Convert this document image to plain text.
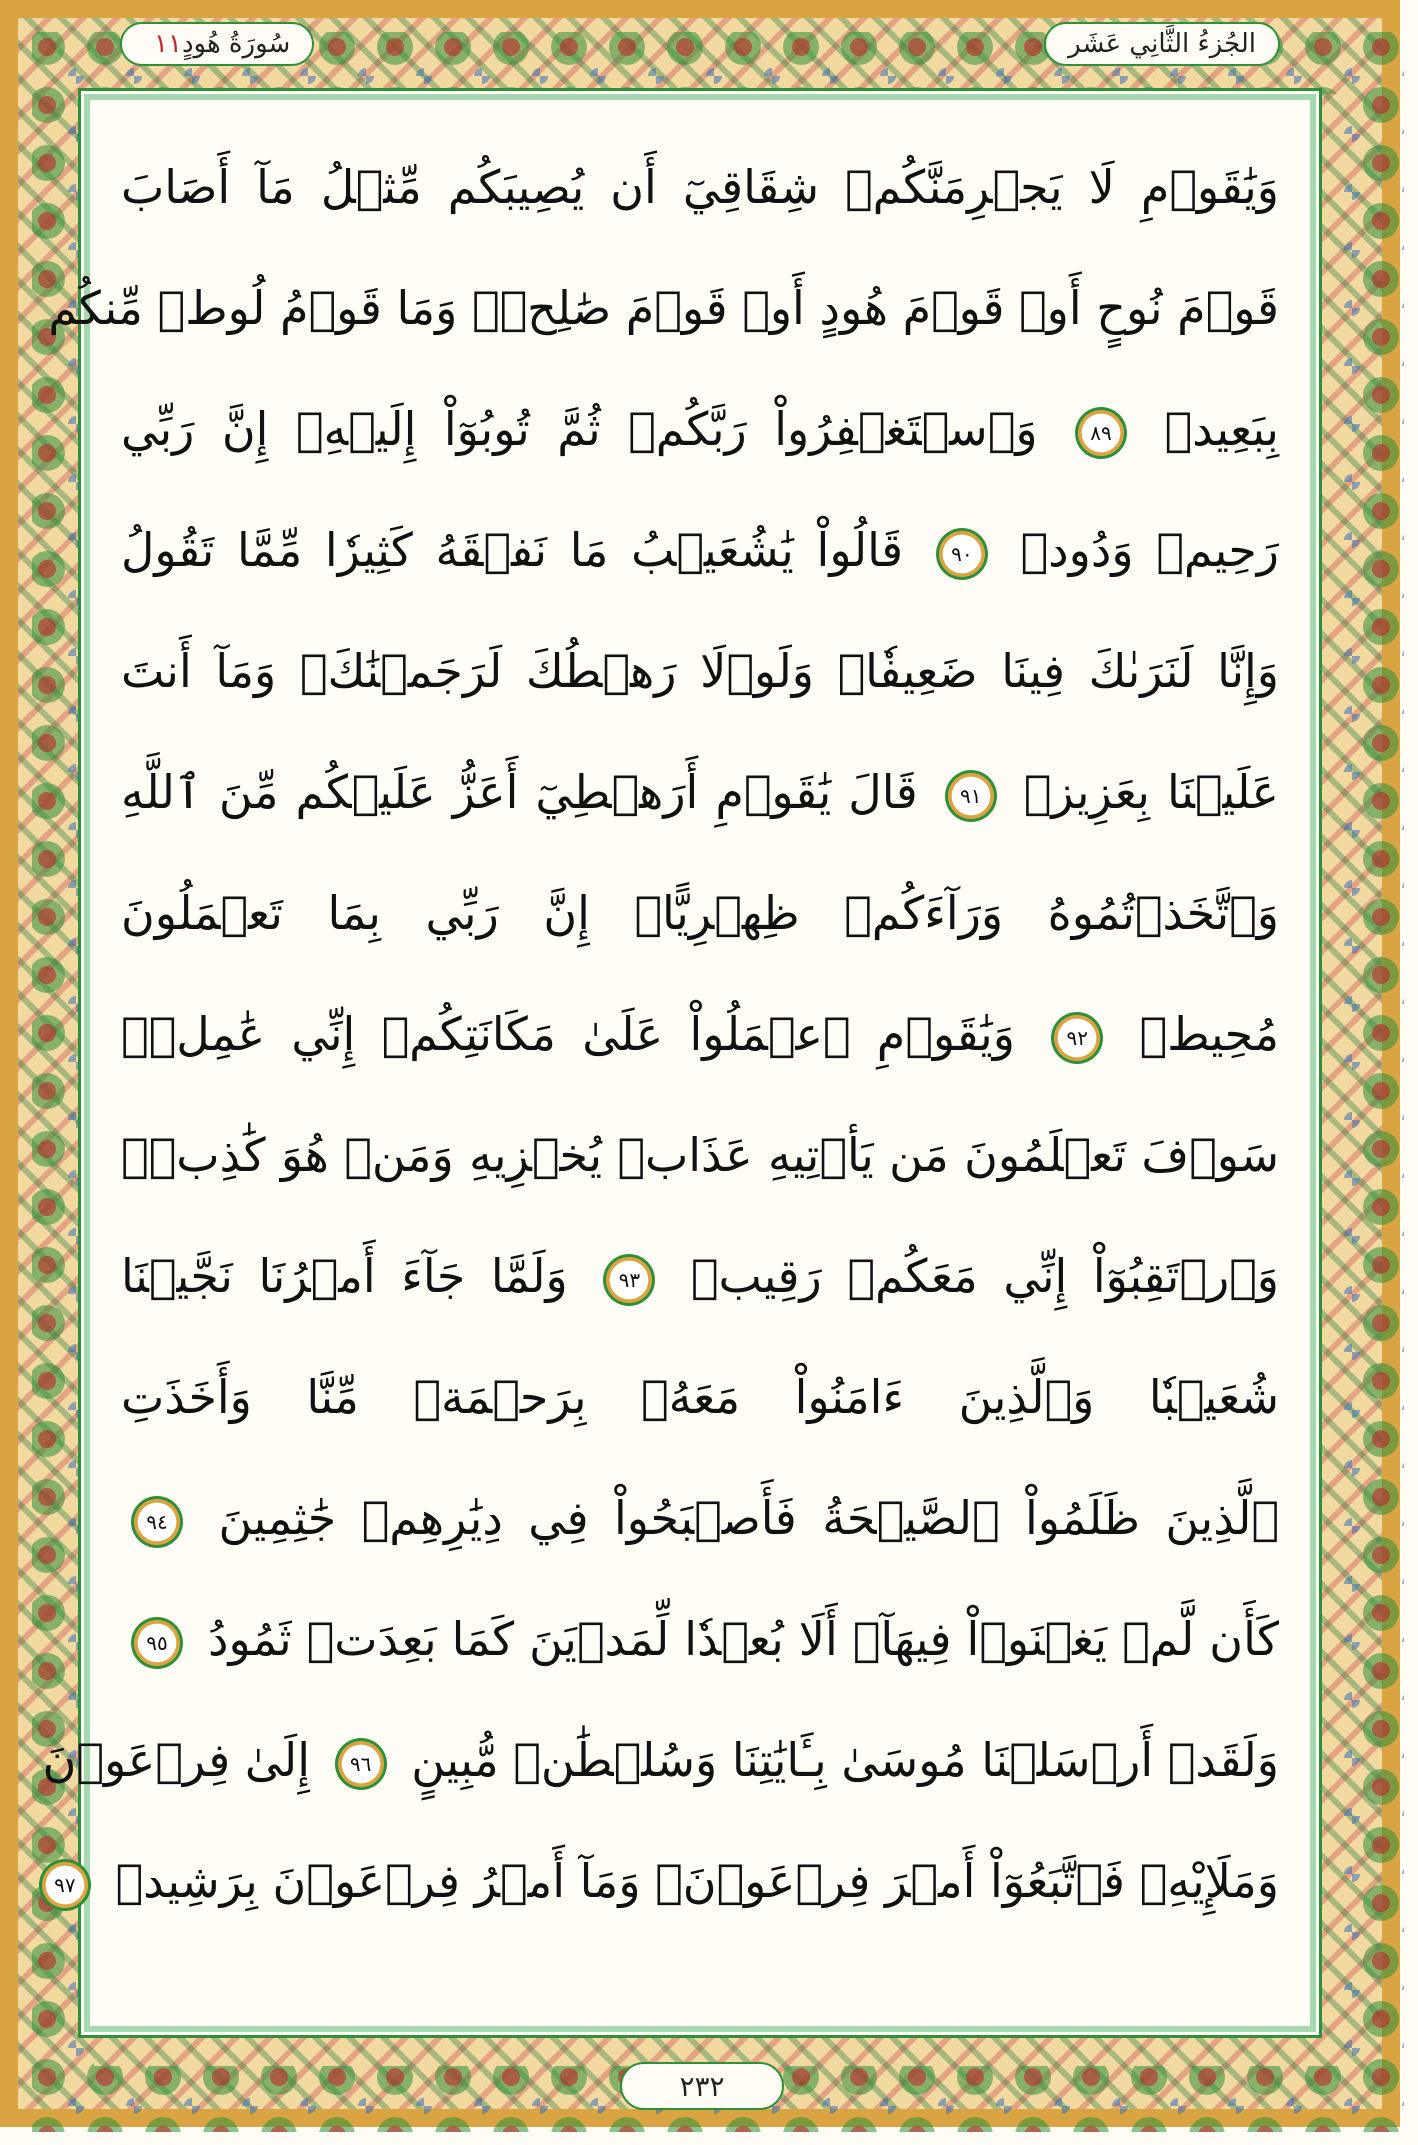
الجُزءُ الثَّانِي عَشَر
سُورَةُ هُودٍ
١١
وَيَٰقَوۡمِ لَا يَجۡرِمَنَّكُمۡ شِقَاقِيٓ أَن يُصِيبَكُم مِّثۡلُ مَآ أَصَابَ
قَوۡمَ نُوحٍ أَوۡ قَوۡمَ هُودٍ أَوۡ قَوۡمَ صَٰلِحٖۚ وَمَا قَوۡمُ لُوطٖ مِّنكُم
بِبَعِيدٖ ٨٩ وَٱسۡتَغۡفِرُواْ رَبَّكُمۡ ثُمَّ تُوبُوٓاْ إِلَيۡهِۚ إِنَّ رَبِّي
رَحِيمٞ وَدُودٞ ٩٠ قَالُواْ يَٰشُعَيۡبُ مَا نَفۡقَهُ كَثِيرٗا مِّمَّا تَقُولُ
وَإِنَّا لَنَرَىٰكَ فِينَا ضَعِيفٗاۖ وَلَوۡلَا رَهۡطُكَ لَرَجَمۡنَٰكَۖ وَمَآ أَنتَ
عَلَيۡنَا بِعَزِيزٖ ٩١ قَالَ يَٰقَوۡمِ أَرَهۡطِيٓ أَعَزُّ عَلَيۡكُم مِّنَ ٱللَّهِ
وَٱتَّخَذۡتُمُوهُ وَرَآءَكُمۡ ظِهۡرِيًّاۖ إِنَّ رَبِّي بِمَا تَعۡمَلُونَ
مُحِيطٞ ٩٢ وَيَٰقَوۡمِ ٱعۡمَلُواْ عَلَىٰ مَكَانَتِكُمۡ إِنِّي عَٰمِلٞۖ
سَوۡفَ تَعۡلَمُونَ مَن يَأۡتِيهِ عَذَابٞ يُخۡزِيهِ وَمَنۡ هُوَ كَٰذِبٞۖ
وَٱرۡتَقِبُوٓاْ إِنِّي مَعَكُمۡ رَقِيبٞ ٩٣ وَلَمَّا جَآءَ أَمۡرُنَا نَجَّيۡنَا
شُعَيۡبٗا وَٱلَّذِينَ ءَامَنُواْ مَعَهُۥ بِرَحۡمَةٖ مِّنَّا وَأَخَذَتِ
ٱلَّذِينَ ظَلَمُواْ ٱلصَّيۡحَةُ فَأَصۡبَحُواْ فِي دِيَٰرِهِمۡ جَٰثِمِينَ ٩٤
كَأَن لَّمۡ يَغۡنَوۡاْ فِيهَآۗ أَلَا بُعۡدٗا لِّمَدۡيَنَ كَمَا بَعِدَتۡ ثَمُودُ ٩٥
وَلَقَدۡ أَرۡسَلۡنَا مُوسَىٰ بِـَٔايَٰتِنَا وَسُلۡطَٰنٖ مُّبِينٍ ٩٦ إِلَىٰ فِرۡعَوۡنَ
وَمَلَإِيْهِۦ فَٱتَّبَعُوٓاْ أَمۡرَ فِرۡعَوۡنَۖ وَمَآ أَمۡرُ فِرۡعَوۡنَ بِرَشِيدٖ ٩٧
٢٣٢
